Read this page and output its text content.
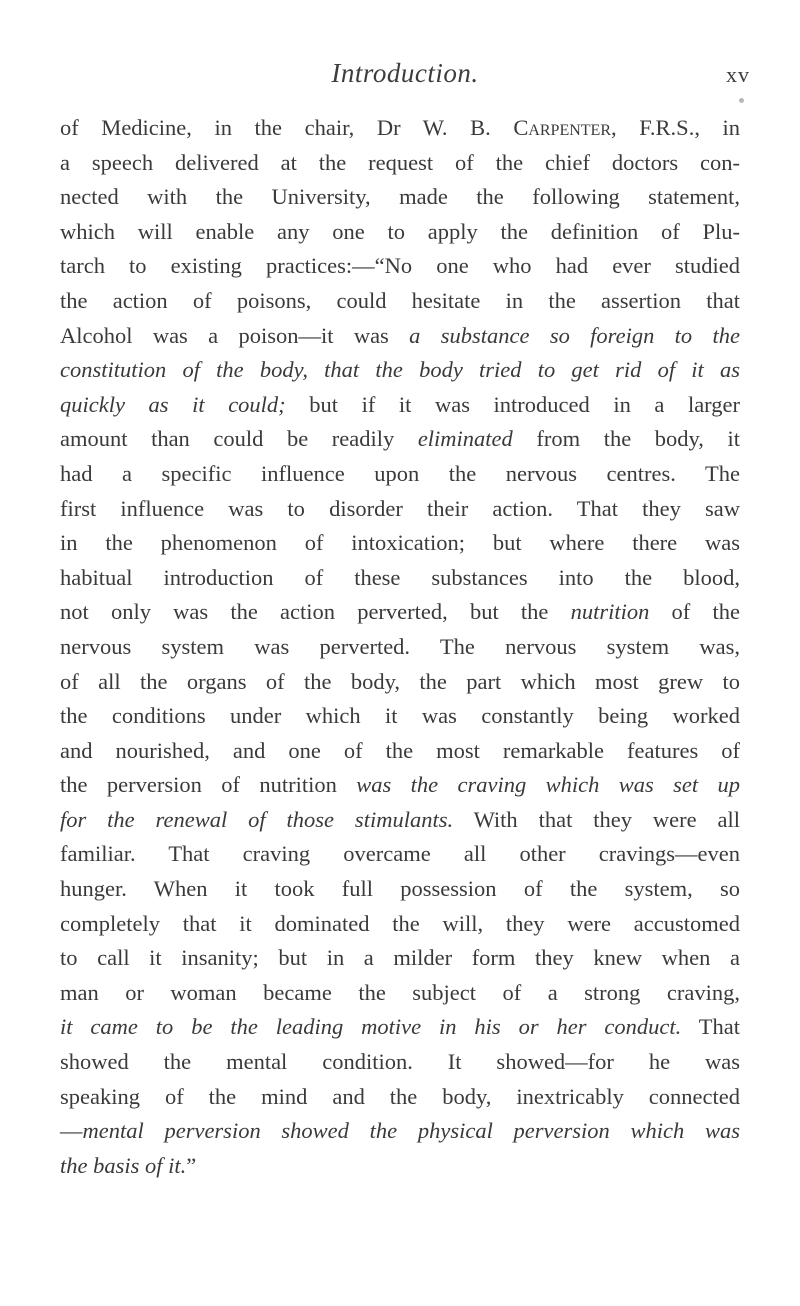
Introduction.	xv
of Medicine, in the chair, Dr W. B. Carpenter, F.R.S., in
a speech delivered at the request of the chief doctors con-
nected with the University, made the following statement,
which will enable any one to apply the definition of Plu-
tarch to existing practices:—“No one who had ever studied
the action of poisons, could hesitate in the assertion that
Alcohol was a poison—it was a substance so foreign to the
constitution of the body, that the body tried to get rid of it as
quickly as it could; but if it was introduced in a larger
amount than could be readily eliminated from the body, it
had a specific influence upon the nervous centres. The
first influence was to disorder their action. That they saw
in the phenomenon of intoxication; but where there was
habitual introduction of these substances into the blood,
not only was the action perverted, but the nutrition of the
nervous system was perverted. The nervous system was,
of all the organs of the body, the part which most grew to
the conditions under which it was constantly being worked
and nourished, and one of the most remarkable features of
the perversion of nutrition was the craving which was set up
for the renewal of those stimulants. With that they were all
familiar. That craving overcame all other cravings—even
hunger. When it took full possession of the system, so
completely that it dominated the will, they were accustomed
to call it insanity; but in a milder form they knew when a
man or woman became the subject of a strong craving,
it came to be the leading motive in his or her conduct. That
showed the mental condition. It showed—for he was
speaking of the mind and the body, inextricably connected
—mental perversion showed the physical perversion which was
the basis of it.”
